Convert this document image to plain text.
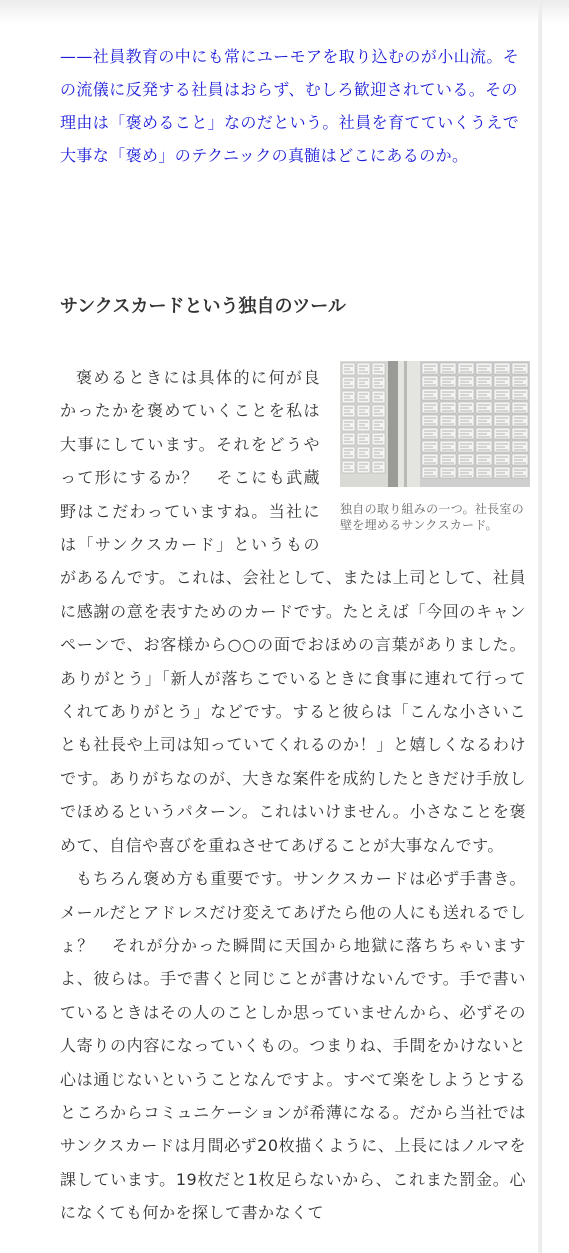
——社員教育の中にも常にユーモアを取り込むのが小山流。その流儀に反発する社員はおらず、むしろ歓迎されている。その理由は「褒めること」なのだという。社員を育てていくうえで大事な「褒め」のテクニックの真髄はどこにあるのか。

サンクスカードという独自のツール
独自の取り組みの一つ。社長室の壁を埋めるサンクスカード。

褒めるときには具体的に何が良かったかを褒めていくことを私は大事にしています。それをどうやって形にするか？　そこにも武蔵野はこだわっていますね。当社には「サンクスカード」というものがあるんです。これは、会社として、または上司として、社員に感謝の意を表すためのカードです。たとえば「今回のキャンペーンで、お客様から○○の面でおほめの言葉がありました。ありがとう」「新人が落ちこでいるときに食事に連れて行ってくれてありがとう」などです。すると彼らは「こんな小さいことも社長や上司は知っていてくれるのか！」と嬉しくなるわけです。ありがちなのが、大きな案件を成約したときだけ手放しでほめるというパターン。これはいけません。小さなことを褒めて、自信や喜びを重ねさせてあげることが大事なんです。

もちろん褒め方も重要です。サンクスカードは必ず手書き。メールだとアドレスだけ変えてあげたら他の人にも送れるでしょ？　それが分かった瞬間に天国から地獄に落ちちゃいますよ、彼らは。手で書くと同じことが書けないんです。手で書いているときはその人のことしか思っていませんから、必ずその人寄りの内容になっていくもの。つまりね、手間をかけないと心は通じないということなんですよ。すべて楽をしようとするところからコミュニケーションが希薄になる。だから当社ではサンクスカードは月間必ず20枚描くように、上長にはノルマを課しています。19枚だと1枚足らないから、これまた罰金。心になくても何かを探して書かなくて
